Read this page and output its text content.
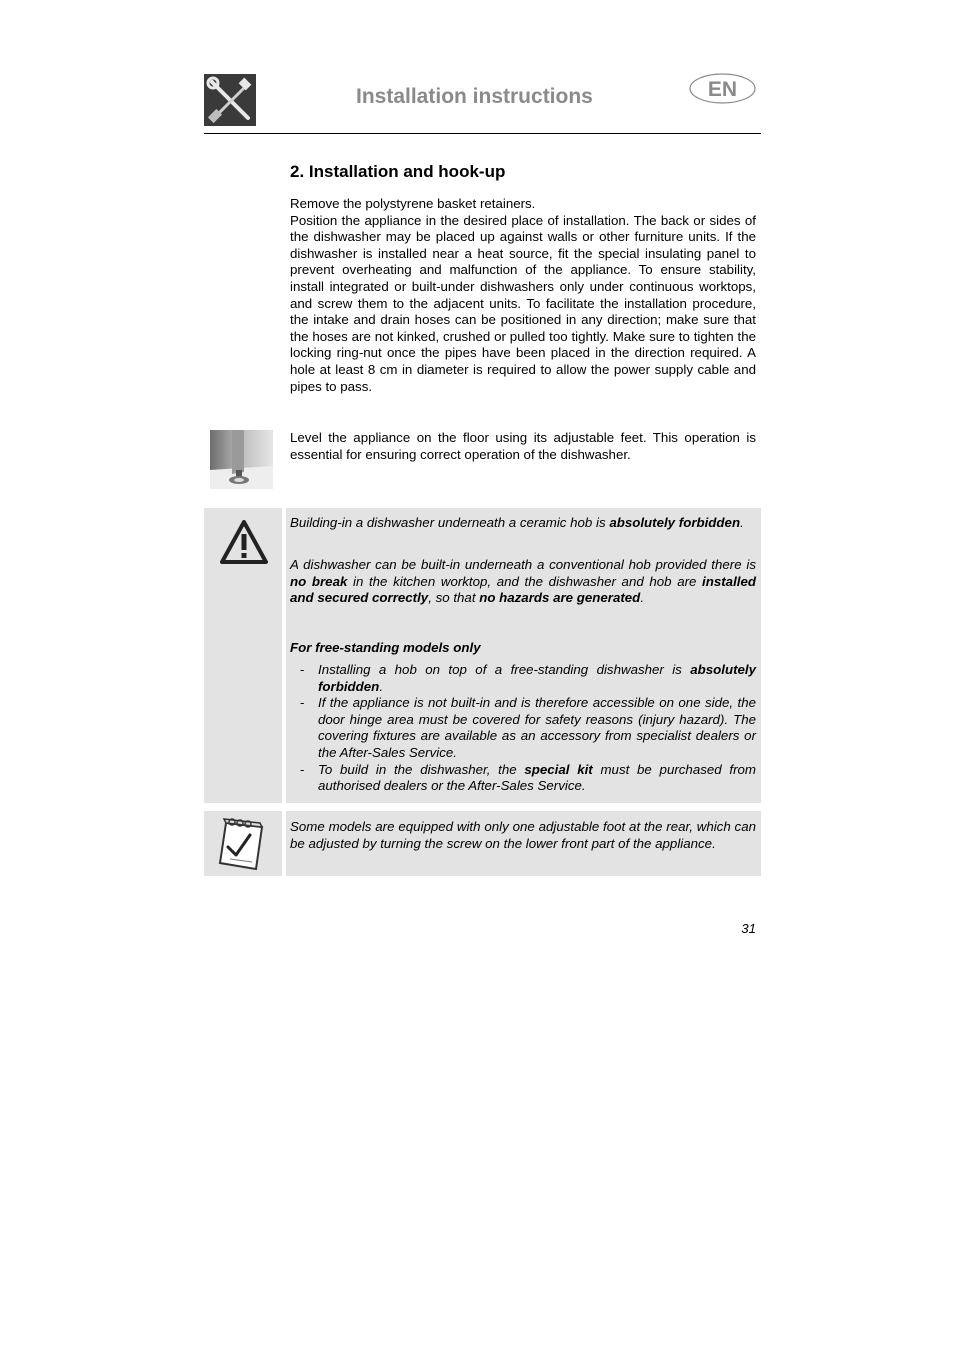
Installation instructions	EN
2. Installation and hook-up

Remove the polystyrene basket retainers.

Position the appliance in the desired place of installation. The back or sides of the dishwasher may be placed up against walls or other furniture units. If the dishwasher is installed near a heat source, fit the special insulating panel to prevent overheating and malfunction of the appliance. To ensure stability, install integrated or built-under dishwashers only under continuous worktops, and screw them to the adjacent units. To facilitate the installation procedure, the intake and drain hoses can be positioned in any direction; make sure that the hoses are not kinked, crushed or pulled too tightly. Make sure to tighten the locking ring-nut once the pipes have been placed in the direction required. A hole at least 8 cm in diameter is required to allow the power supply cable and pipes to pass.

Level the appliance on the floor using its adjustable feet. This operation is essential for ensuring correct operation of the dishwasher.

Building-in a dishwasher underneath a ceramic hob is absolutely forbidden.

A dishwasher can be built-in underneath a conventional hob provided there is no break in the kitchen worktop, and the dishwasher and hob are installed and secured correctly, so that no hazards are generated.

For free-standing models only
-	Installing a hob on top of a free-standing dishwasher is absolutely forbidden.
-	If the appliance is not built-in and is therefore accessible on one side, the door hinge area must be covered for safety reasons (injury hazard). The covering fixtures are available as an accessory from specialist dealers or the After-Sales Service.
-	To build in the dishwasher, the special kit must be purchased from authorised dealers or the After-Sales Service.

Some models are equipped with only one adjustable foot at the rear, which can be adjusted by turning the screw on the lower front part of the appliance.

31
